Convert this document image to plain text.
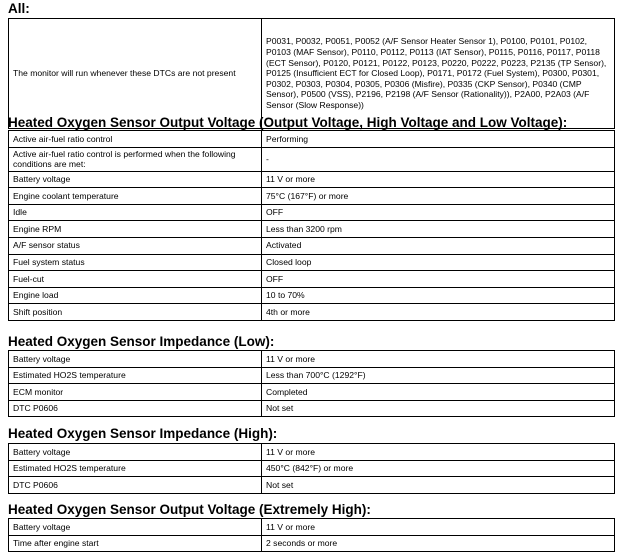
All:
The monitor will run whenever these DTCs are not present	P0031, P0032, P0051, P0052 (A/F Sensor Heater Sensor 1), P0100, P0101, P0102, P0103 (MAF Sensor), P0110, P0112, P0113 (IAT Sensor), P0115, P0116, P0117, P0118 (ECT Sensor), P0120, P0121, P0122, P0123, P0220, P0222, P0223, P2135 (TP Sensor), P0125 (Insufficient ECT for Closed Loop), P0171, P0172 (Fuel System), P0300, P0301, P0302, P0303, P0304, P0305, P0306 (Misfire), P0335 (CKP Sensor), P0340 (CMP Sensor), P0500 (VSS), P2196, P2198 (A/F Sensor (Rationality)), P2A00, P2A03 (A/F Sensor (Slow Response))
Heated Oxygen Sensor Output Voltage (Output Voltage, High Voltage and Low Voltage):
Active air-fuel ratio control	Performing
Active air-fuel ratio control is performed when the following conditions are met:	-
Battery voltage	11 V or more
Engine coolant temperature	75°C (167°F) or more
Idle	OFF
Engine RPM	Less than 3200 rpm
A/F sensor status	Activated
Fuel system status	Closed loop
Fuel-cut	OFF
Engine load	10 to 70%
Shift position	4th or more
Heated Oxygen Sensor Impedance (Low):
Battery voltage	11 V or more
Estimated HO2S temperature	Less than 700°C (1292°F)
ECM monitor	Completed
DTC P0606	Not set
Heated Oxygen Sensor Impedance (High):
Battery voltage	11 V or more
Estimated HO2S temperature	450°C (842°F) or more
DTC P0606	Not set
Heated Oxygen Sensor Output Voltage (Extremely High):
Battery voltage	11 V or more
Time after engine start	2 seconds or more
